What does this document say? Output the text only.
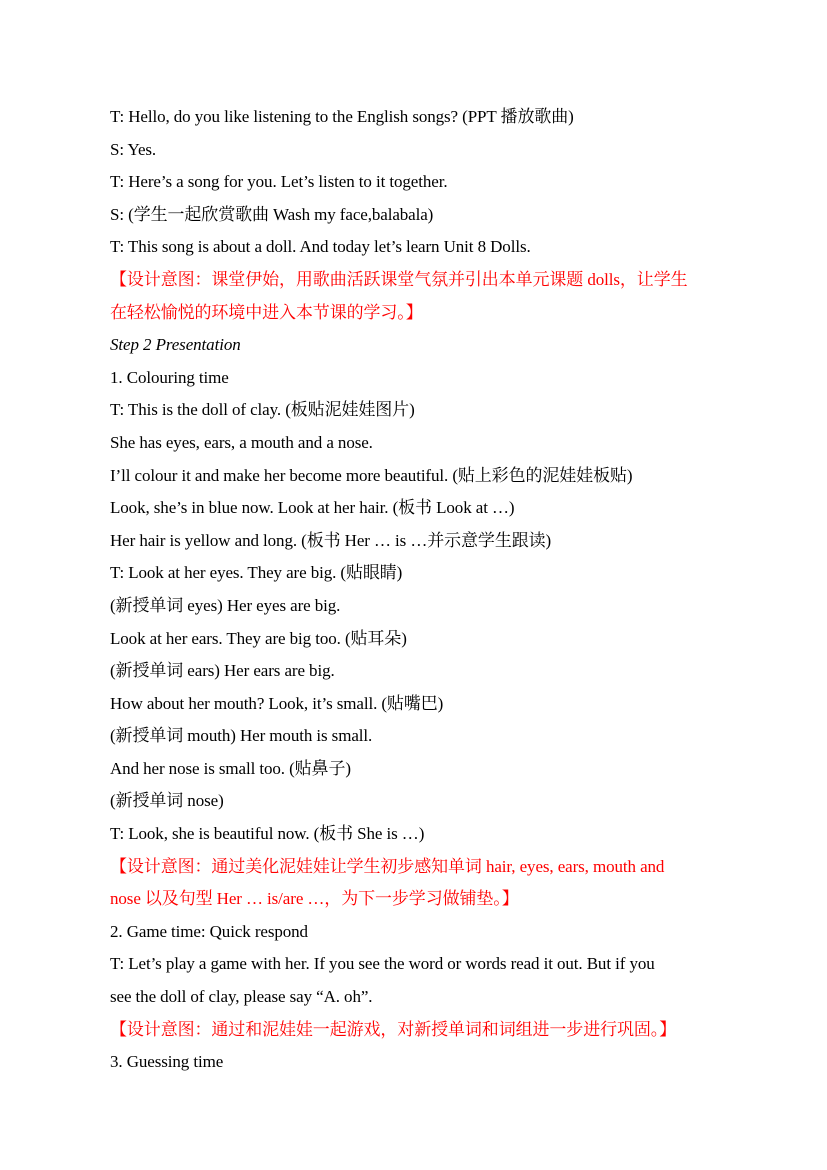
T: Hello, do you like listening to the English songs? (PPT 播放歌曲)

S: Yes.

T: Here’s a song for you. Let’s listen to it together.

S: (学生一起欣赏歌曲 Wash my face,balabala)

T: This song is about a doll. And today let’s learn Unit 8 Dolls.

【设计意图：课堂伊始，用歌曲活跃课堂气氛并引出本单元课题 dolls，让学生

在轻松愉悦的环境中进入本节课的学习。】

Step 2 Presentation

1. Colouring time

T: This is the doll of clay. (板贴泥娃娃图片)

She has eyes, ears, a mouth and a nose.

I’ll colour it and make her become more beautiful. (贴上彩色的泥娃娃板贴)

Look, she’s in blue now. Look at her hair. (板书 Look at …)

Her hair is yellow and long. (板书 Her … is …并示意学生跟读)

T: Look at her eyes. They are big. (贴眼睛)

(新授单词 eyes) Her eyes are big.

Look at her ears. They are big too. (贴耳朵)

(新授单词 ears) Her ears are big.

How about her mouth? Look, it’s small. (贴嘴巴)

(新授单词 mouth) Her mouth is small.

And her nose is small too. (贴鼻子)

(新授单词 nose)

T: Look, she is beautiful now. (板书 She is …)

【设计意图：通过美化泥娃娃让学生初步感知单词 hair, eyes, ears, mouth and

nose 以及句型 Her … is/are …，为下一步学习做铺垫。】

2. Game time: Quick respond

T: Let’s play a game with her. If you see the word or words read it out. But if you

see the doll of clay, please say “A. oh”.

【设计意图：通过和泥娃娃一起游戏，对新授单词和词组进一步进行巩固。】

3. Guessing time
